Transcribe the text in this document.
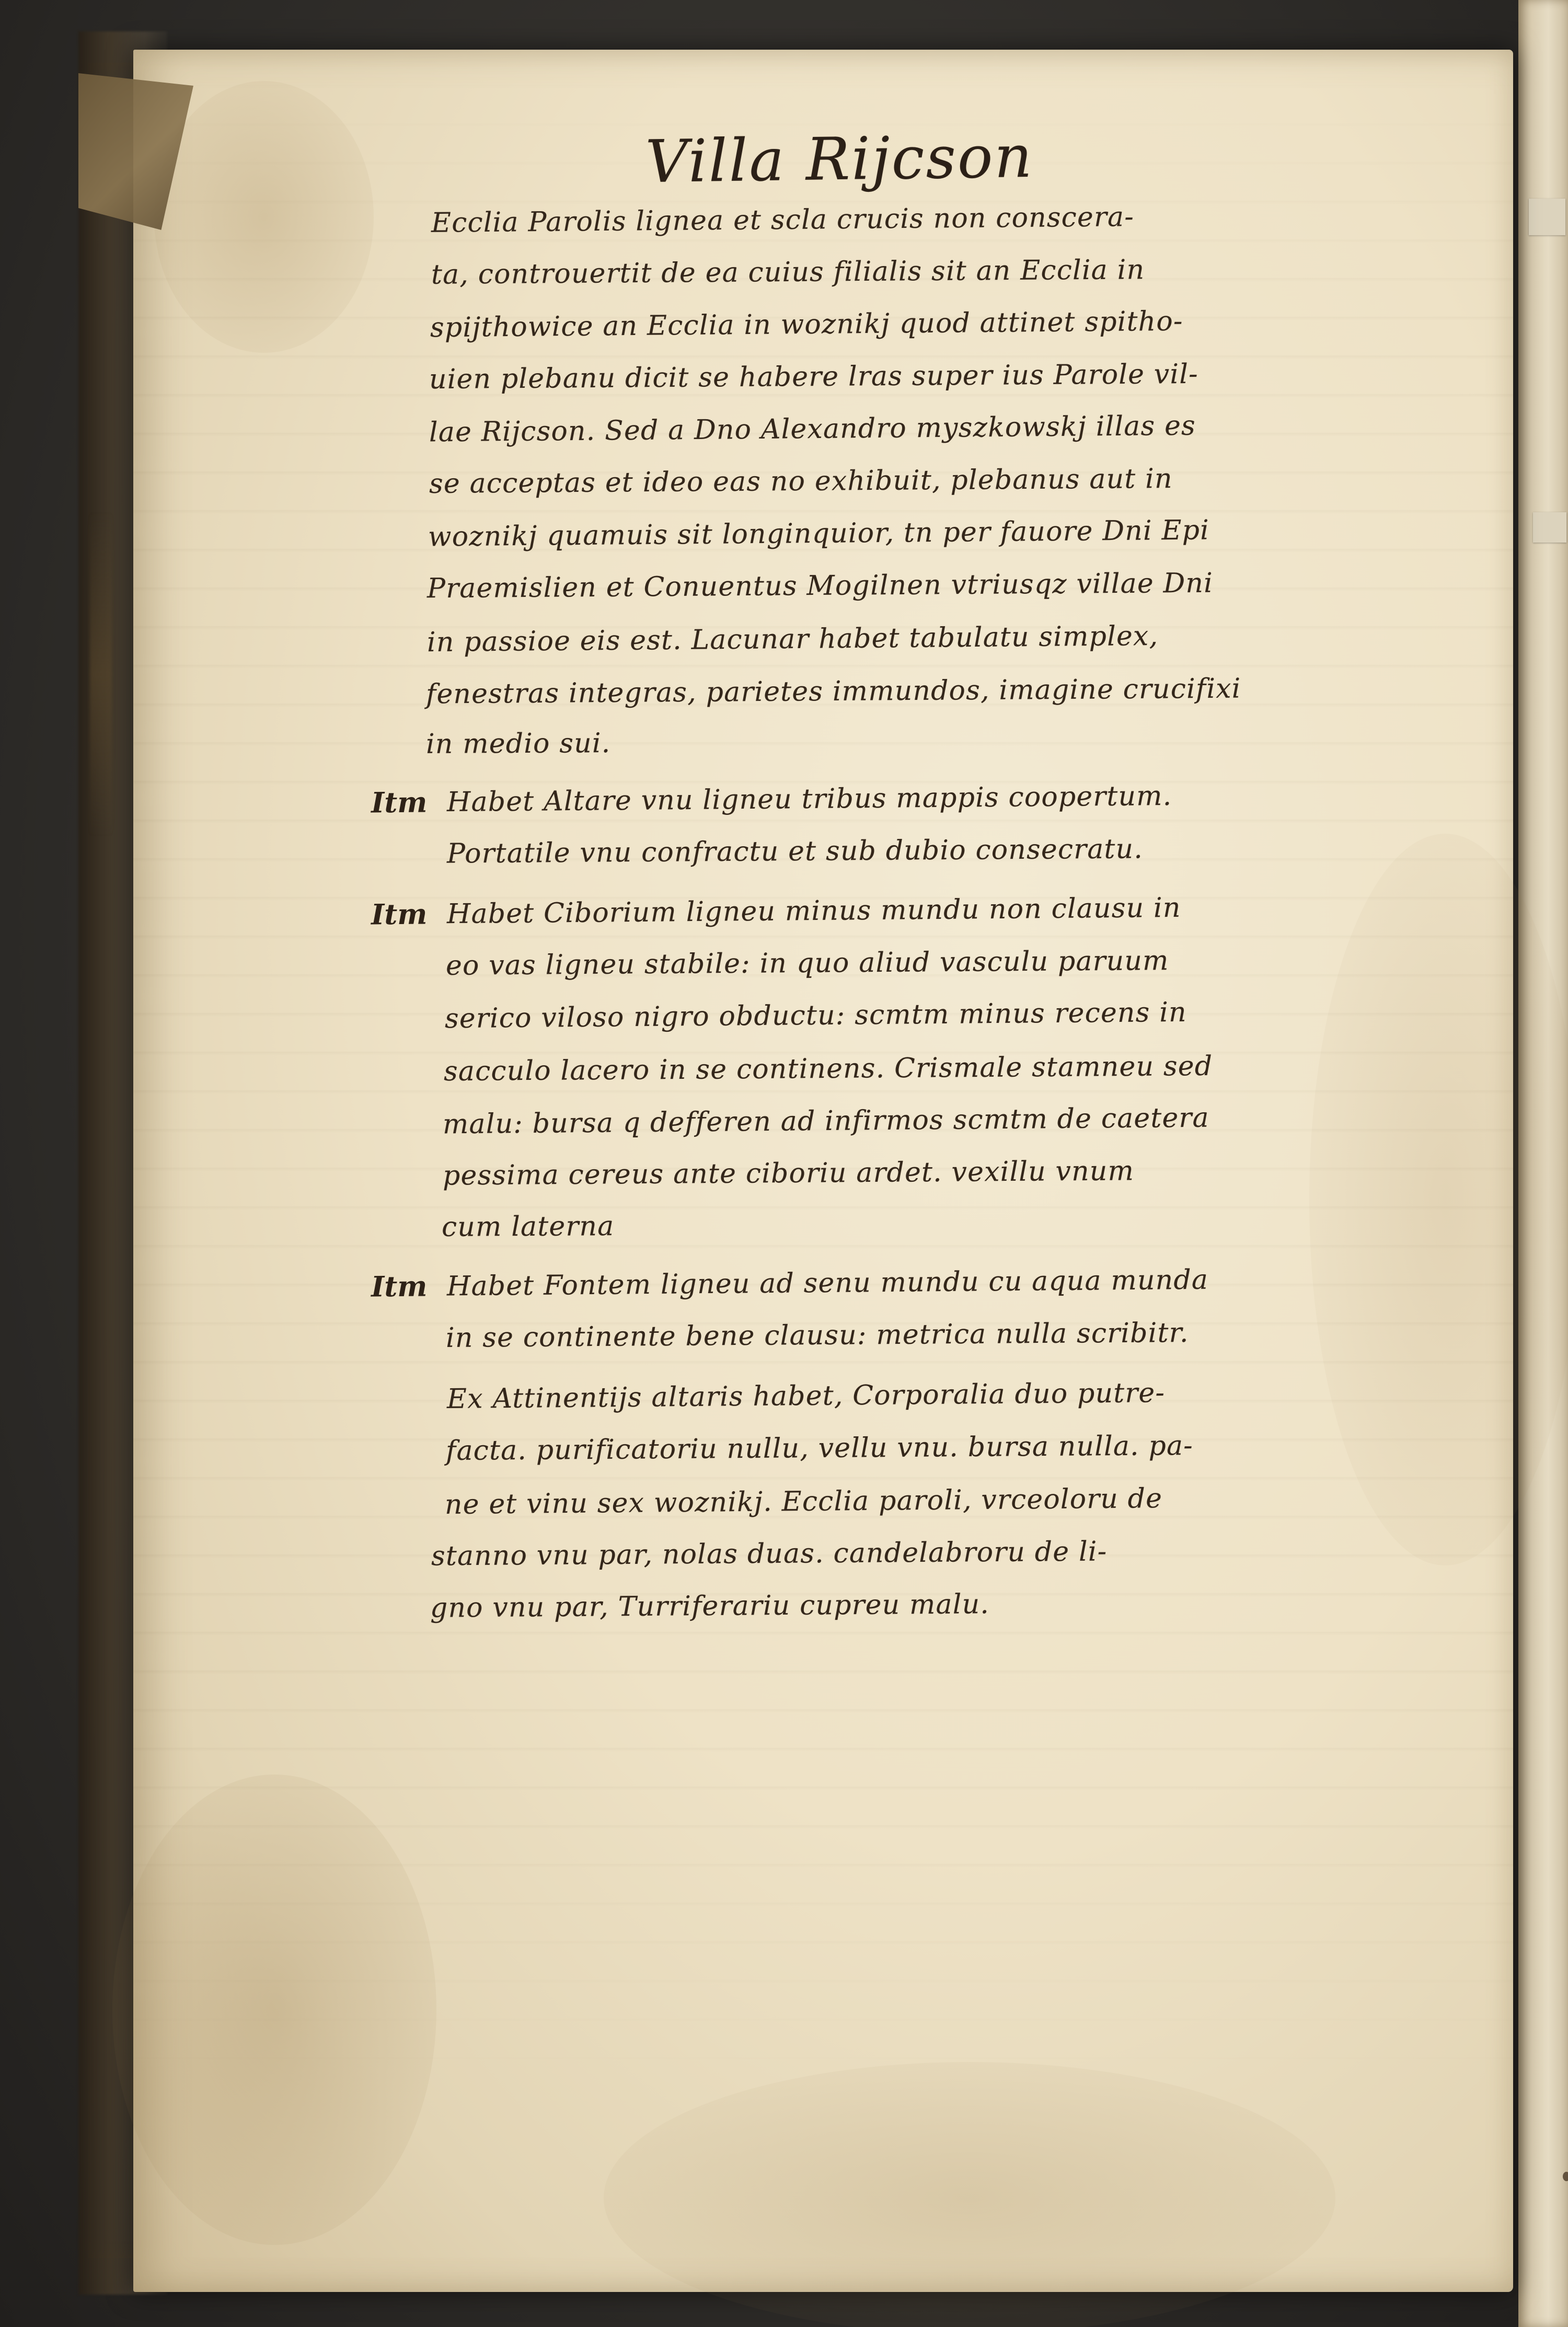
Villa Rijcson
Ecclia Parolis lignea et scla crucis non conscera-
ta, controuertit de ea cuius filialis sit an Ecclia in
spijthowice an Ecclia in woznikj quod attinet spitho-
uien plebanu dicit se habere lras super ius Parole vil-
lae Rijcson. Sed a Dno Alexandro myszkowskj illas es
se acceptas et ideo eas no exhibuit, plebanus aut in
woznikj quamuis sit longinquior, tn per fauore Dni Epi
Praemislien et Conuentus Mogilnen vtriusqz villae Dni
in passioe eis est. Lacunar habet tabulatu simplex,
fenestras integras, parietes immundos, imagine crucifixi
in medio sui.
Itm Habet Altare vnu ligneu tribus mappis coopertum.
Portatile vnu confractu et sub dubio consecratu.
Itm Habet Ciborium ligneu minus mundu non clausu in
eo vas ligneu stabile: in quo aliud vasculu paruum
serico viloso nigro obductu: scmtm minus recens in
sacculo lacero in se continens. Crismale stamneu sed
malu: bursa q defferen ad infirmos scmtm de caetera
pessima cereus ante ciboriu ardet. vexillu vnum
cum laterna
Itm Habet Fontem ligneu ad senu mundu cu aqua munda
in se continente bene clausu: metrica nulla scribitr.
Ex Attinentijs altaris habet, Corporalia duo putre-
facta. purificatoriu nullu, vellu vnu. bursa nulla. pa-
ne et vinu sex woznikj. Ecclia paroli, vrceoloru de
stanno vnu par, nolas duas. candelabroru de li-
gno vnu par, Turriferariu cupreu malu.
